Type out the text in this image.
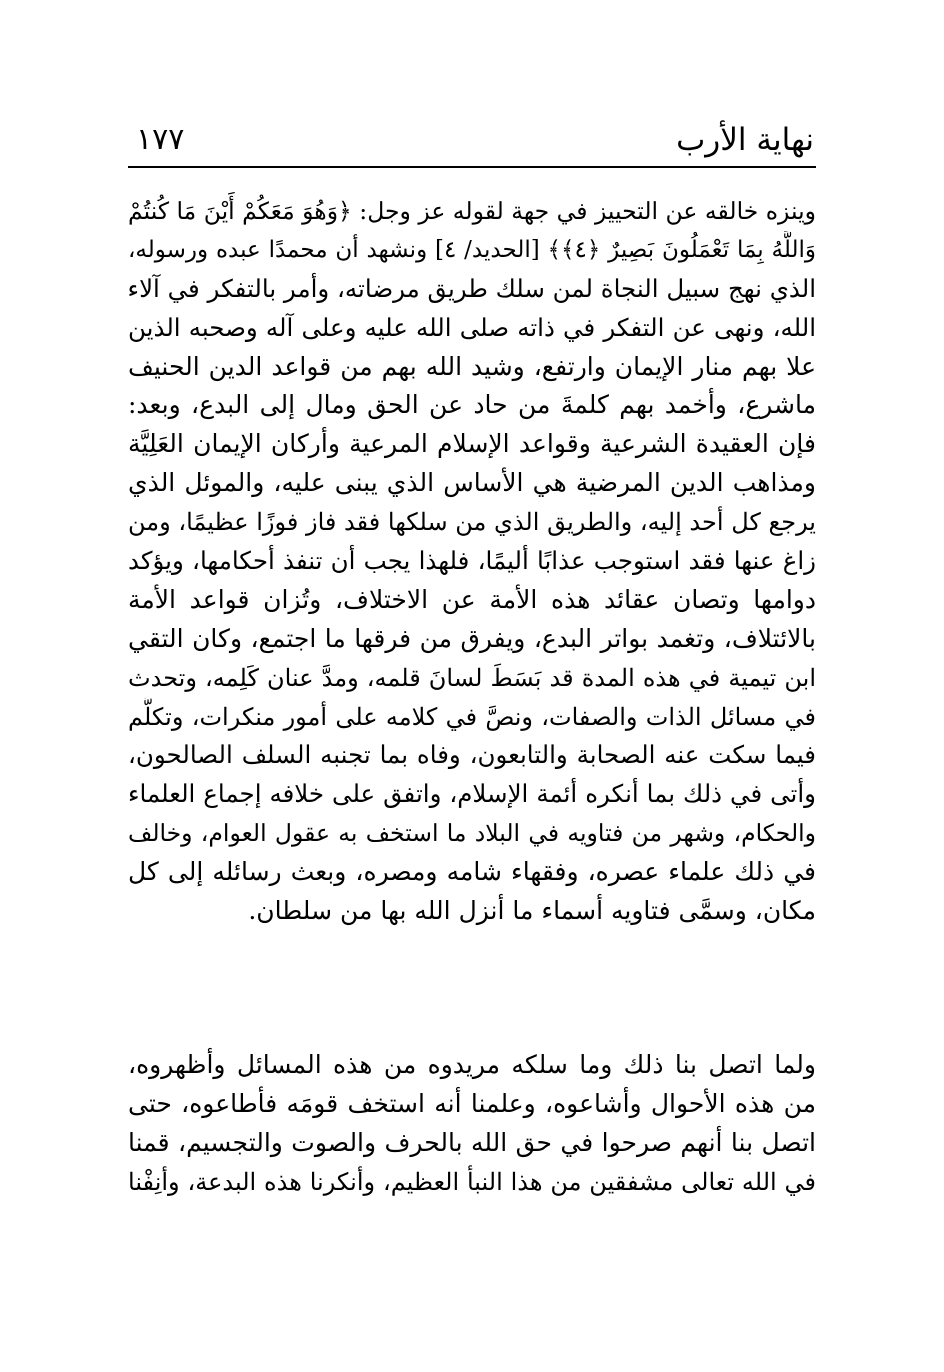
نهاية الأرب
١٧٧
وينزه خالقه عن التحييز في جهة لقوله عز وجل: ﴿وَهُوَ مَعَكُمْ أَيْنَ مَا كُنتُمْ
وَاللَّهُ بِمَا تَعْمَلُونَ بَصِيرٌ ﴿٤﴾﴾ [الحديد/ ٤] ونشهد أن محمدًا عبده ورسوله،
الذي نهج سبيل النجاة لمن سلك طريق مرضاته، وأمر بالتفكر في آلاء
الله، ونهى عن التفكر في ذاته صلى الله عليه وعلى آله وصحبه الذين
علا بهم منار الإيمان وارتفع، وشيد الله بهم من قواعد الدين الحنيف
ماشرع، وأخمد بهم كلمةَ من حاد عن الحق ومال إلى البدع، وبعد:
فإن العقيدة الشرعية وقواعد الإسلام المرعية وأركان الإيمان العَلِيَّة
ومذاهب الدين المرضية هي الأساس الذي يبنى عليه، والموئل الذي
يرجع كل أحد إليه، والطريق الذي من سلكها فقد فاز فوزًا عظيمًا، ومن
زاغ عنها فقد استوجب عذابًا أليمًا، فلهذا يجب أن تنفذ أحكامها، ويؤكد
دوامها وتصان عقائد هذه الأمة عن الاختلاف، وتُزان قواعد الأمة
بالائتلاف، وتغمد بواتر البدع، ويفرق من فرقها ما اجتمع، وكان التقي
ابن تيمية في هذه المدة قد بَسَطَ لسانَ قلمه، ومدَّ عنان كَلِمه، وتحدث
في مسائل الذات والصفات، ونصَّ في كلامه على أمور منكرات، وتكلَّم
فيما سكت عنه الصحابة والتابعون، وفاه بما تجنبه السلف الصالحون،
وأتى في ذلك بما أنكره أئمة الإسلام، واتفق على خلافه إجماع العلماء
والحكام، وشهر من فتاويه في البلاد ما استخف به عقول العوام، وخالف
في ذلك علماء عصره، وفقهاء شامه ومصره، وبعث رسائله إلى كل
مكان، وسمَّى فتاويه أسماء ما أنزل الله بها من سلطان.
ولما اتصل بنا ذلك وما سلكه مريدوه من هذه المسائل وأظهروه،
من هذه الأحوال وأشاعوه، وعلمنا أنه استخف قومَه فأطاعوه، حتى
اتصل بنا أنهم صرحوا في حق الله بالحرف والصوت والتجسيم، قمنا
في الله تعالى مشفقين من هذا النبأ العظيم، وأنكرنا هذه البدعة، وأنِفْنا
